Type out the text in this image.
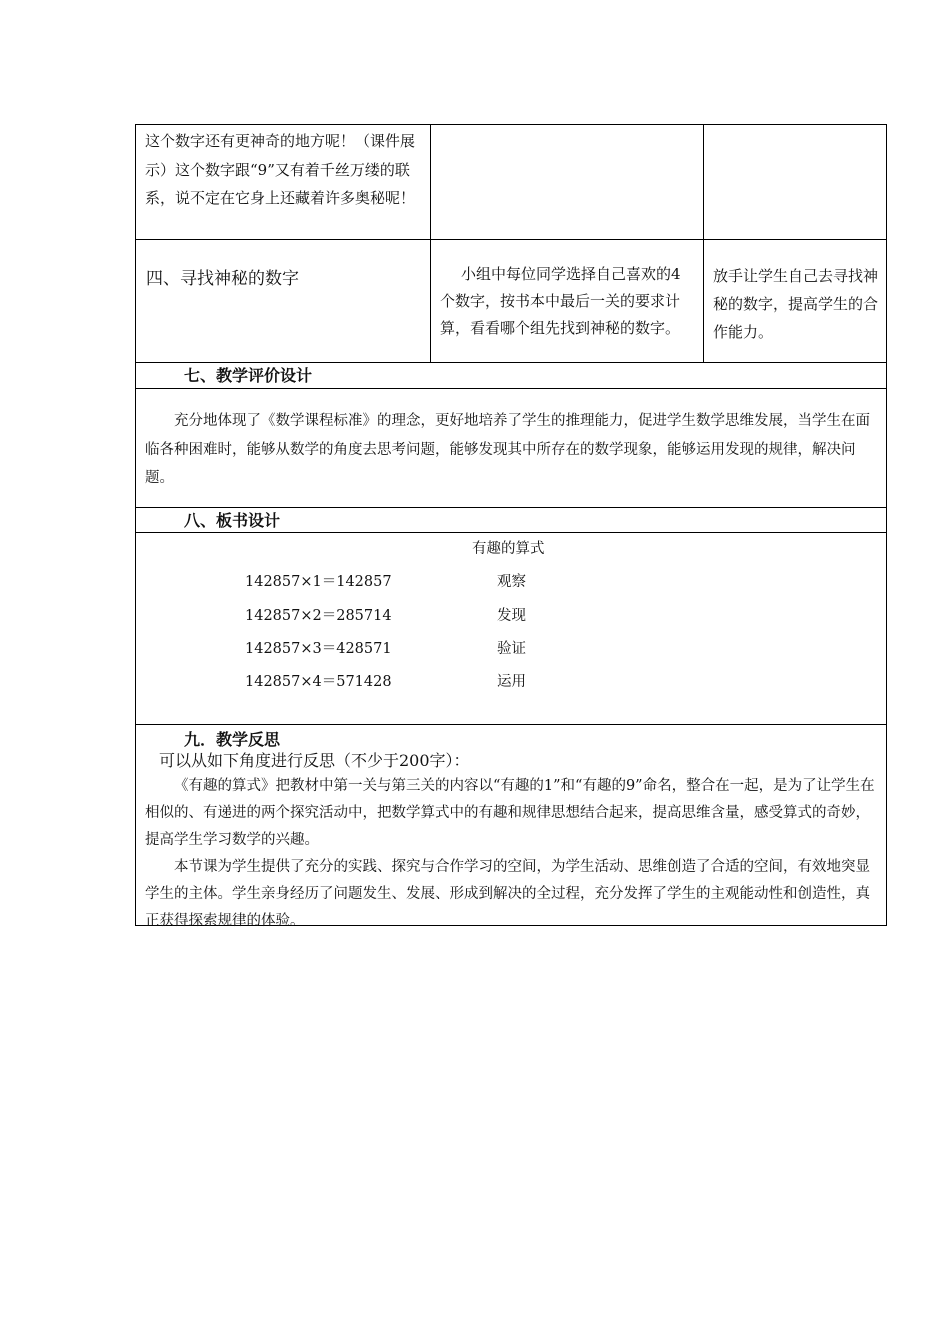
这个数字还有更神奇的地方呢！（课件展示）这个数字跟“9”又有着千丝万缕的联系，说不定在它身上还藏着许多奥秘呢！
四、寻找神秘的数字	小组中每位同学选择自己喜欢的4个数字，按书本中最后一关的要求计算，看看哪个组先找到神秘的数字。
放手让学生自己去寻找神秘的数字，提高学生的合作能力。
七、教学评价设计

充分地体现了《数学课程标准》的理念，更好地培养了学生的推理能力，促进学生数学思维发展，当学生在面临各种困难时，能够从数学的角度去思考问题，能够发现其中所存在的数学现象，能够运用发现的规律，解决问题。

八、板书设计
有趣的算式
142857×1＝142857
142857×2＝285714
142857×3＝428571
142857×4＝571428
观察
发现
验证
运用
九．教学反思
可以从如下角度进行反思（不少于200字）：

《有趣的算式》把教材中第一关与第三关的内容以“有趣的1”和“有趣的9”命名，整合在一起，是为了让学生在相似的、有递进的两个探究活动中，把数学算式中的有趣和规律思想结合起来，提高思维含量，感受算式的奇妙，提高学生学习数学的兴趣。

本节课为学生提供了充分的实践、探究与合作学习的空间，为学生活动、思维创造了合适的空间，有效地突显学生的主体。学生亲身经历了问题发生、发展、形成到解决的全过程，充分发挥了学生的主观能动性和创造性，真正获得探索规律的体验。
